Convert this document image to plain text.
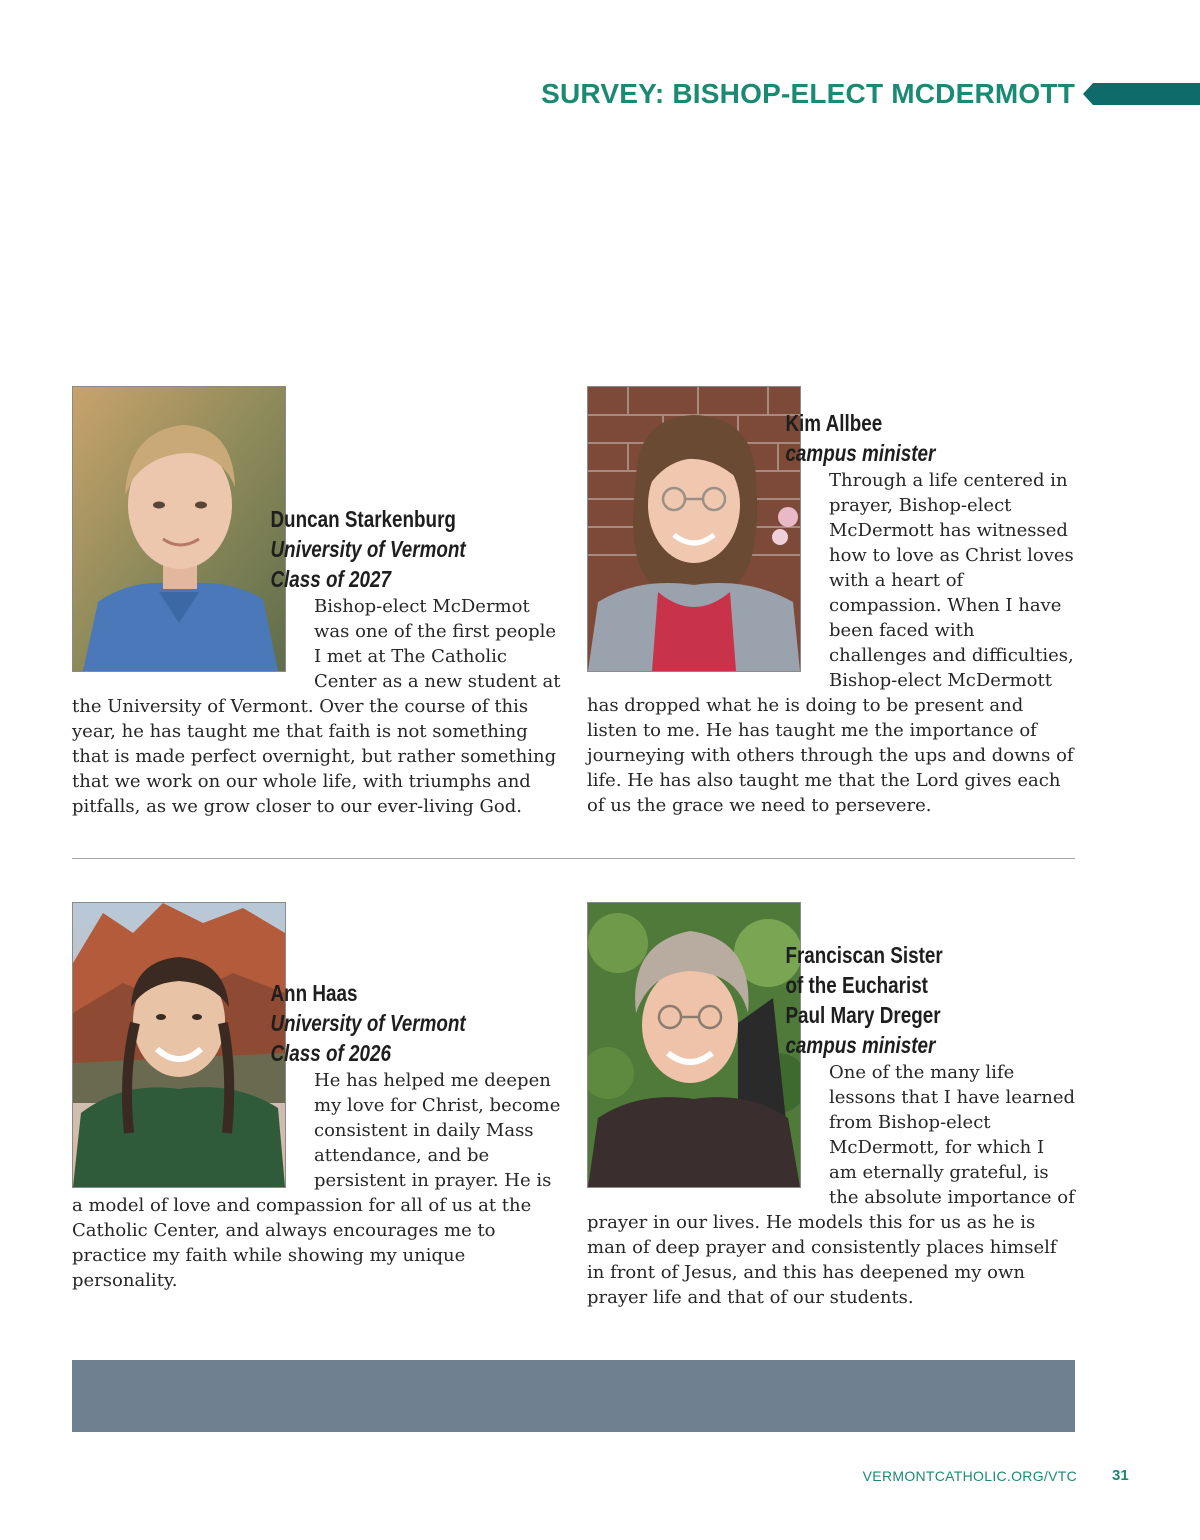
SURVEY: BISHOP-ELECT MCDERMOTT
Duncan Starkenburg
University of Vermont
Class of 2027

Bishop-elect McDermot was one of the first people I met at The Catholic Center as a new student at the University of Vermont. Over the course of this year, he has taught me that faith is not something that is made perfect overnight, but rather something that we work on our whole life, with triumphs and pitfalls, as we grow closer to our ever-living God.

Kim Allbee
campus minister

Through a life centered in prayer, Bishop-elect McDermott has witnessed how to love as Christ loves with a heart of compassion. When I have been faced with challenges and difficulties, Bishop-elect McDermott has dropped what he is doing to be present and listen to me. He has taught me the importance of journeying with others through the ups and downs of life. He has also taught me that the Lord gives each of us the grace we need to persevere.

Ann Haas
University of Vermont
Class of 2026

He has helped me deepen my love for Christ, become consistent in daily Mass attendance, and be persistent in prayer. He is a model of love and compassion for all of us at the Catholic Center, and always encourages me to practice my faith while showing my unique personality.

Franciscan Sister
of the Eucharist
Paul Mary Dreger
campus minister

One of the many life lessons that I have learned from Bishop-elect McDermott, for which I am eternally grateful, is the absolute importance of prayer in our lives. He models this for us as he is man of deep prayer and consistently places himself in front of Jesus, and this has deepened my own prayer life and that of our students.

VERMONTCATHOLIC.ORG/VTC 31
